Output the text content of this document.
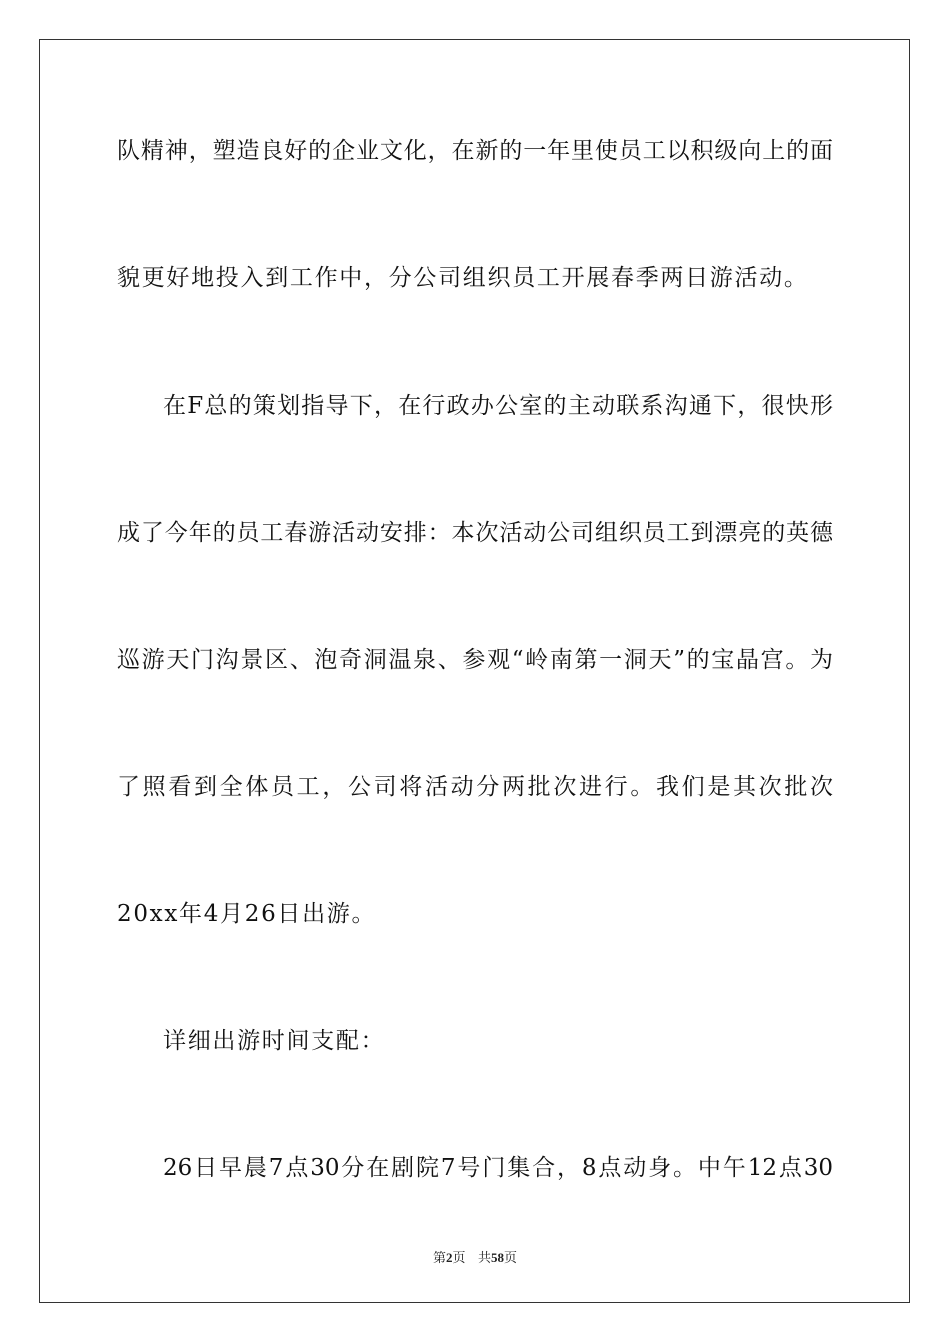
队精神，塑造良好的企业文化，在新的一年里使员工以积级向上的面
貌更好地投入到工作中，分公司组织员工开展春季两日游活动。
在F总的策划指导下，在行政办公室的主动联系沟通下，很快形
成了今年的员工春游活动安排：本次活动公司组织员工到漂亮的英德
巡游天门沟景区、泡奇洞温泉、参观“岭南第一洞天”的宝晶宫。为
了照看到全体员工，公司将活动分两批次进行。我们是其次批次
20xx年4月26日出游。
详细出游时间支配：
26日早晨7点30分在剧院7号门集合，8点动身。中午12点30
第2页 共58页
